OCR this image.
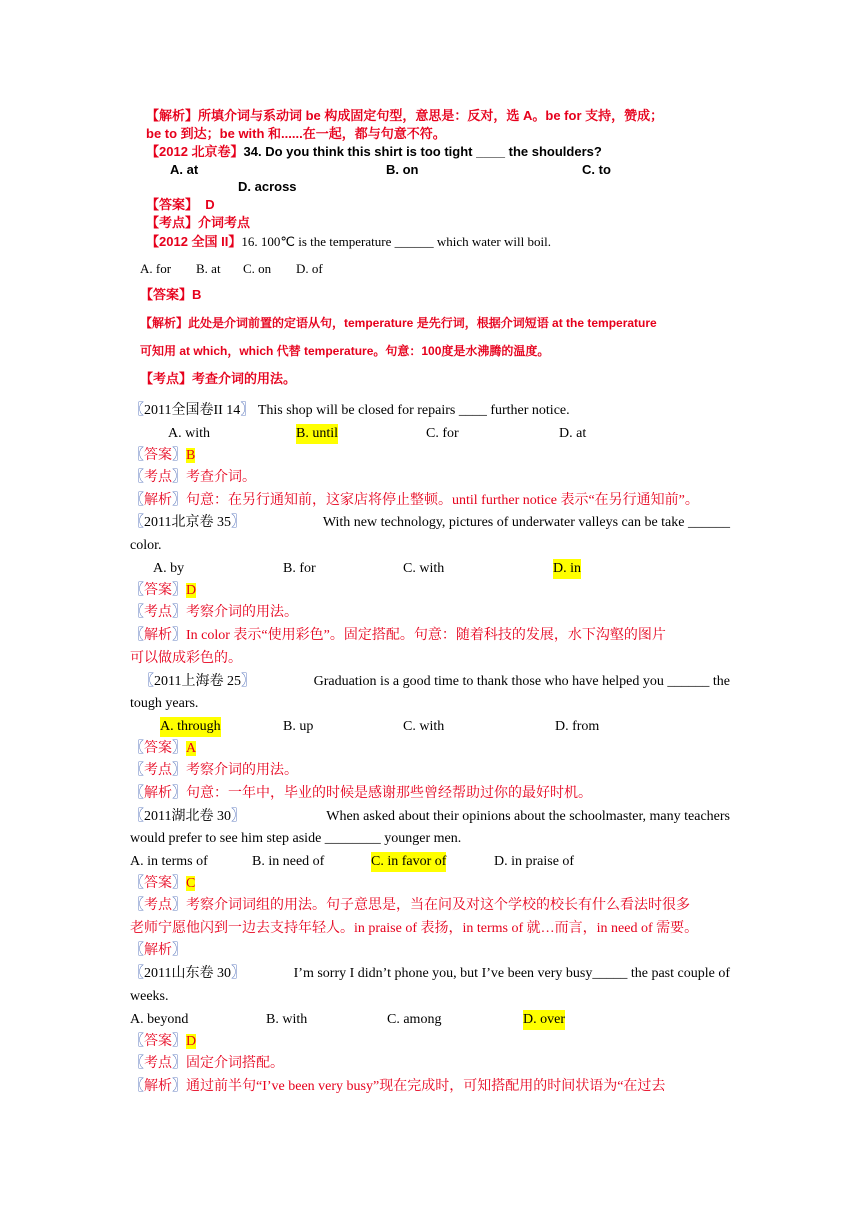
【解析】所填介词与系动词 be 构成固定句型，意思是：反对，选 A。be for 支持，赞成；
be to 到达；be with 和......在一起，都与句意不符。
【2012 北京卷】34. Do you think this shirt is too tight ____ the shoulders?
A. at	B. on	C. to
D. across
【答案】 D
【考点】介词考点
【2012 全国 II】16. 100℃ is the temperature ______ which water will boil.
A. for B. at C. on D. of
【答案】B
【解析】此处是介词前置的定语从句，temperature 是先行词，根据介词短语 at the temperature
可知用 at which，which 代替 temperature。句意：100度是水沸腾的温度。
【考点】考查介词的用法。
〖2011全国卷II 14〗 This shop will be closed for repairs ____ further notice.
A. with	B. until	C. for	D. at
〖答案〗B
〖考点〗考查介词。
〖解析〗句意：在另行通知前，这家店将停止整顿。until further notice 表示“在另行通知前”。
〖2011北京卷 35〗	With new technology, pictures of underwater valleys can be take ______
color.
A. by	B. for	C. with	D. in
〖答案〗D
〖考点〗考察介词的用法。
〖解析〗In color 表示“使用彩色”。固定搭配。句意：随着科技的发展，水下沟壑的图片
可以做成彩色的。
〖2011上海卷 25〗	Graduation is a good time to thank those who have helped you ______ the
tough years.
A. through	B. up	C. with	D. from
〖答案〗A
〖考点〗考察介词的用法。
〖解析〗句意：一年中，毕业的时候是感谢那些曾经帮助过你的最好时机。
〖2011湖北卷 30〗	When asked about their opinions about the schoolmaster, many teachers
would prefer to see him step aside ________ younger men.
A. in terms of	B. in need of	C. in favor of	D. in praise of
〖答案〗C
〖考点〗考察介词词组的用法。句子意思是，当在问及对这个学校的校长有什么看法时很多
老师宁愿他闪到一边去支持年轻人。in praise of 表扬，in terms of 就…而言，in need of 需要。
〖解析〗
〖2011山东卷 30〗	I’m sorry I didn’t phone you, but I’ve been very busy_____ the past couple of
weeks.
A. beyond	B. with	C. among	D. over
〖答案〗D
〖考点〗固定介词搭配。
〖解析〗通过前半句“I’ve been very busy”现在完成时，可知搭配用的时间状语为“在过去
